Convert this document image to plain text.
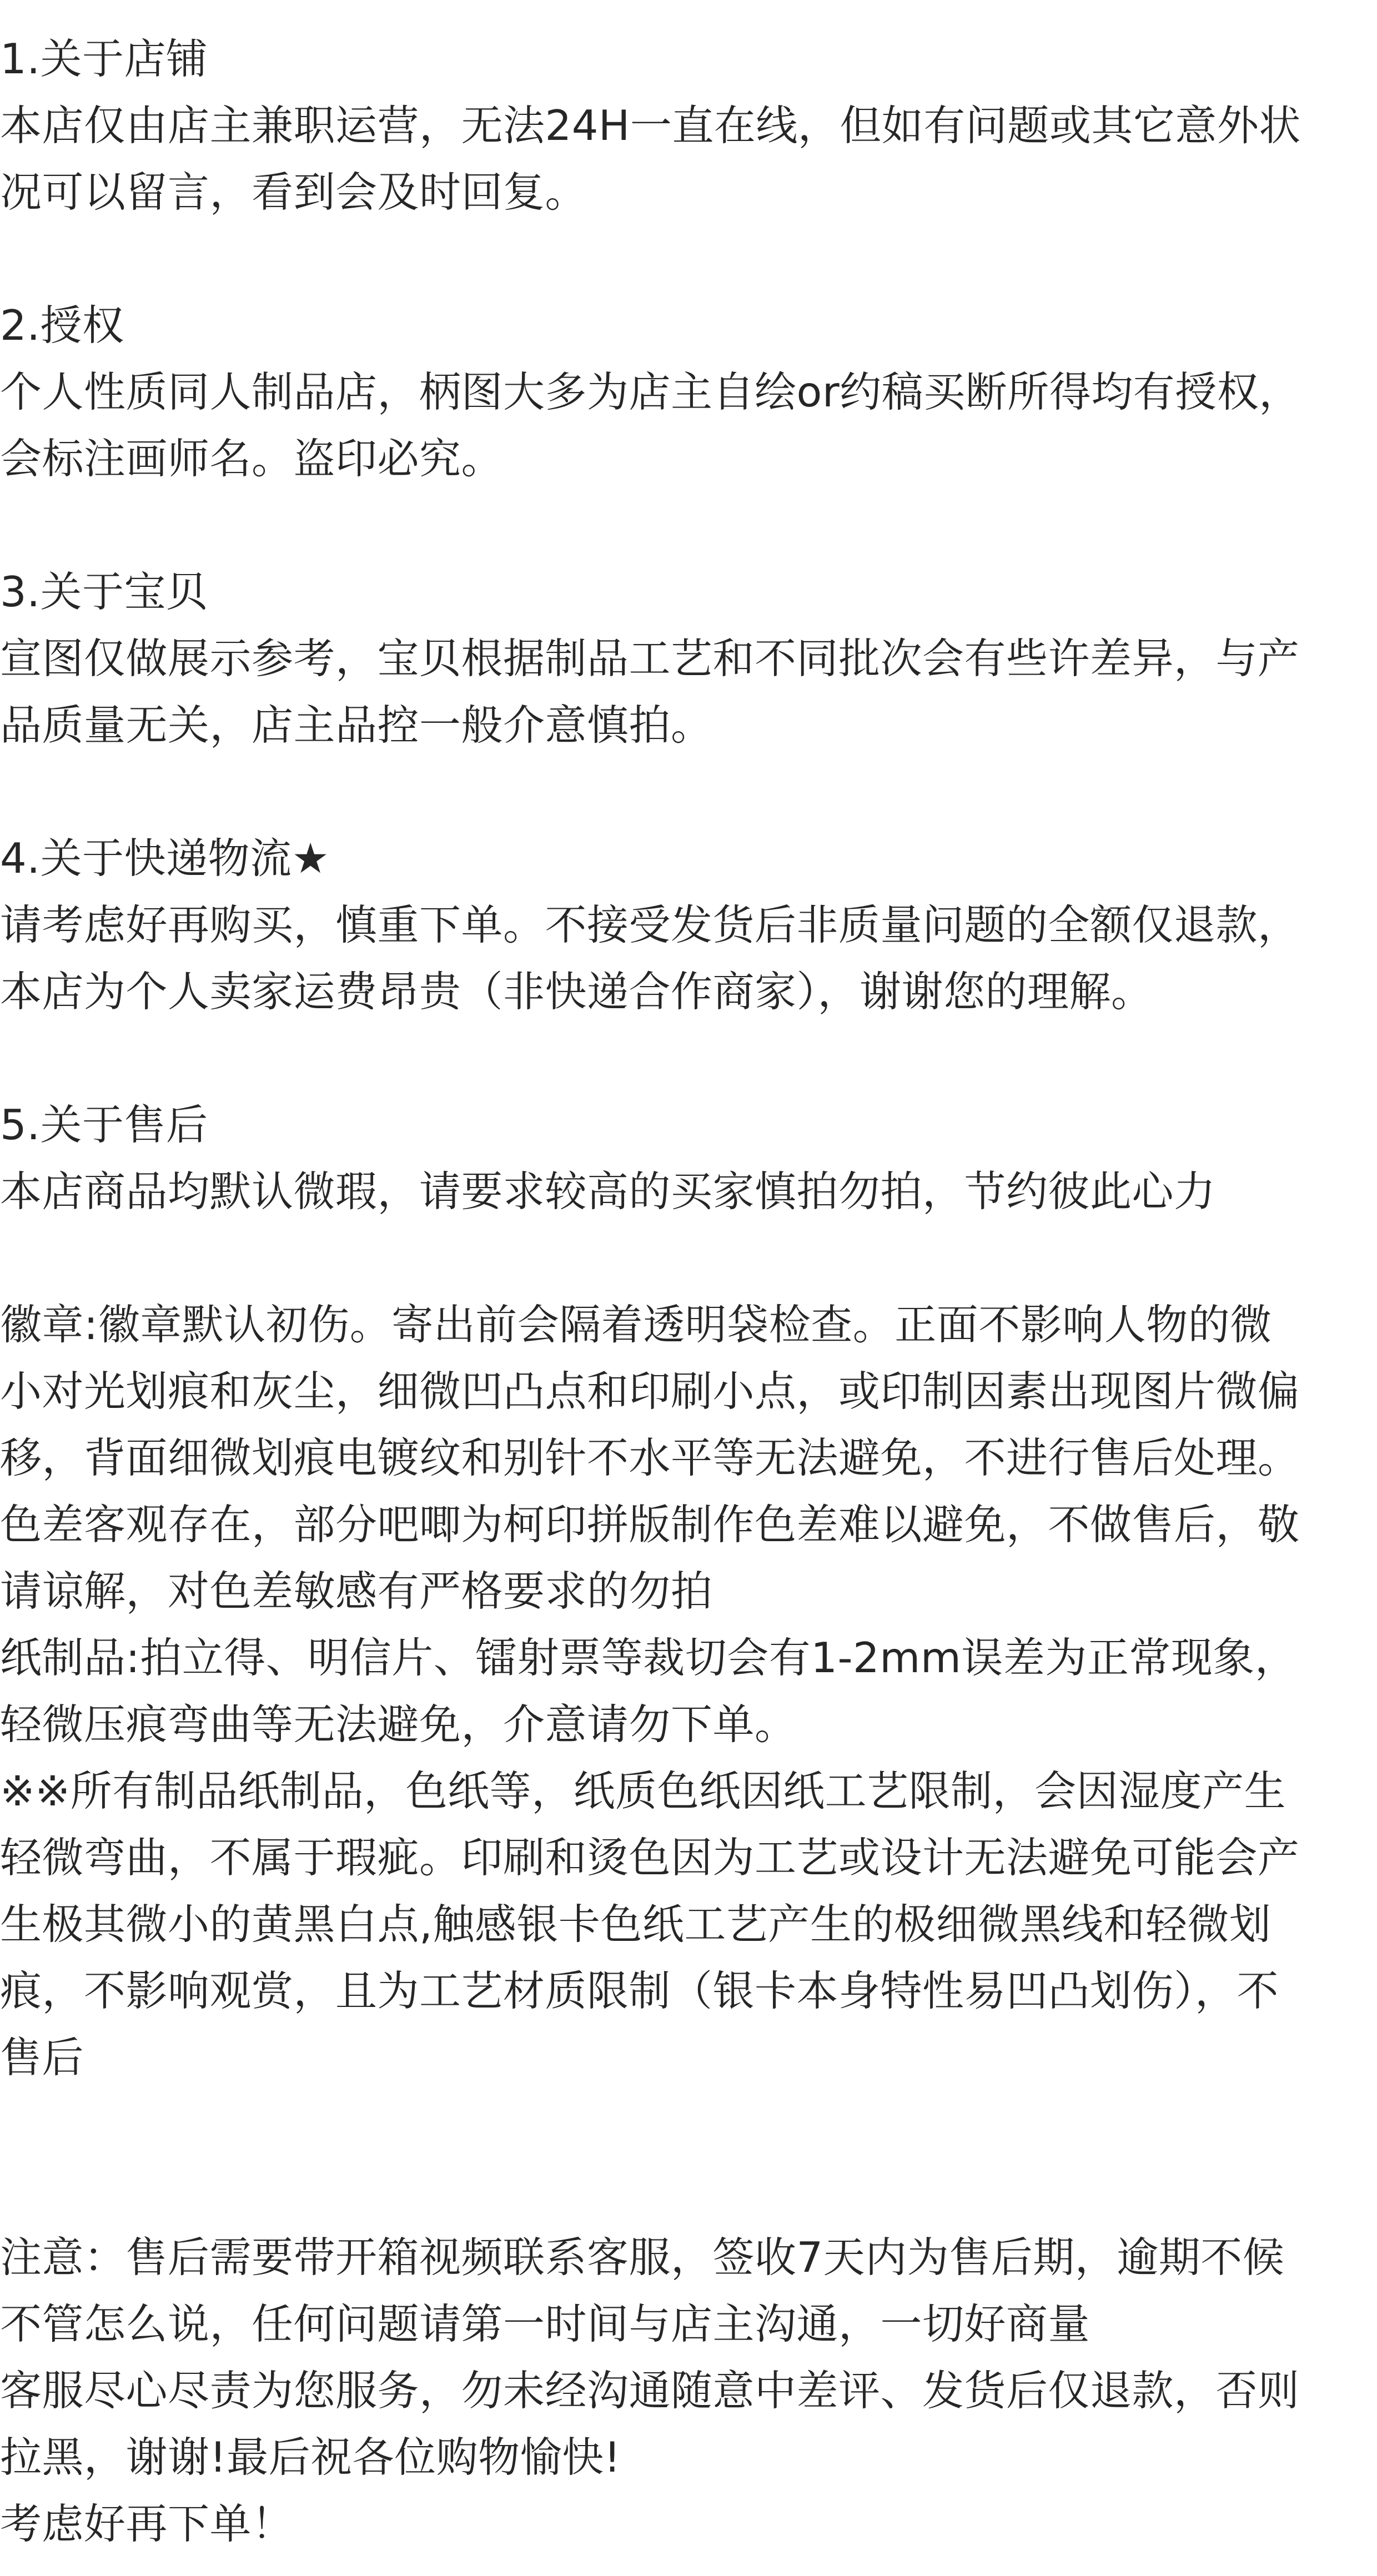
1.关于店铺
本店仅由店主兼职运营，无法24H一直在线，但如有问题或其它意外状
况可以留言，看到会及时回复。
2.授权
个人性质同人制品店，柄图大多为店主自绘or约稿买断所得均有授权，
会标注画师名。盗印必究。
3.关于宝贝
宣图仅做展示参考，宝贝根据制品工艺和不同批次会有些许差异，与产
品质量无关，店主品控一般介意慎拍。
4.关于快递物流★
请考虑好再购买，慎重下单。不接受发货后非质量问题的全额仅退款，
本店为个人卖家运费昂贵（非快递合作商家），谢谢您的理解。
5.关于售后
本店商品均默认微瑕，请要求较高的买家慎拍勿拍，节约彼此心力
徽章:徽章默认初伤。寄出前会隔着透明袋检查。正面不影响人物的微
小对光划痕和灰尘，细微凹凸点和印刷小点，或印制因素出现图片微偏
移，背面细微划痕电镀纹和别针不水平等无法避免，不进行售后处理。
色差客观存在，部分吧唧为柯印拼版制作色差难以避免，不做售后，敬
请谅解，对色差敏感有严格要求的勿拍
纸制品:拍立得、明信片、镭射票等裁切会有1-2mm误差为正常现象，
轻微压痕弯曲等无法避免，介意请勿下单。
※※所有制品纸制品，色纸等，纸质色纸因纸工艺限制，会因湿度产生
轻微弯曲，不属于瑕疵。印刷和烫色因为工艺或设计无法避免可能会产
生极其微小的黄黑白点,触感银卡色纸工艺产生的极细微黑线和轻微划
痕，不影响观赏，且为工艺材质限制（银卡本身特性易凹凸划伤），不
售后
注意：售后需要带开箱视频联系客服，签收7天内为售后期，逾期不候
不管怎么说，任何问题请第一时间与店主沟通，一切好商量
客服尽心尽责为您服务，勿未经沟通随意中差评、发货后仅退款，否则
拉黑，谢谢!最后祝各位购物愉快!
考虑好再下单！
